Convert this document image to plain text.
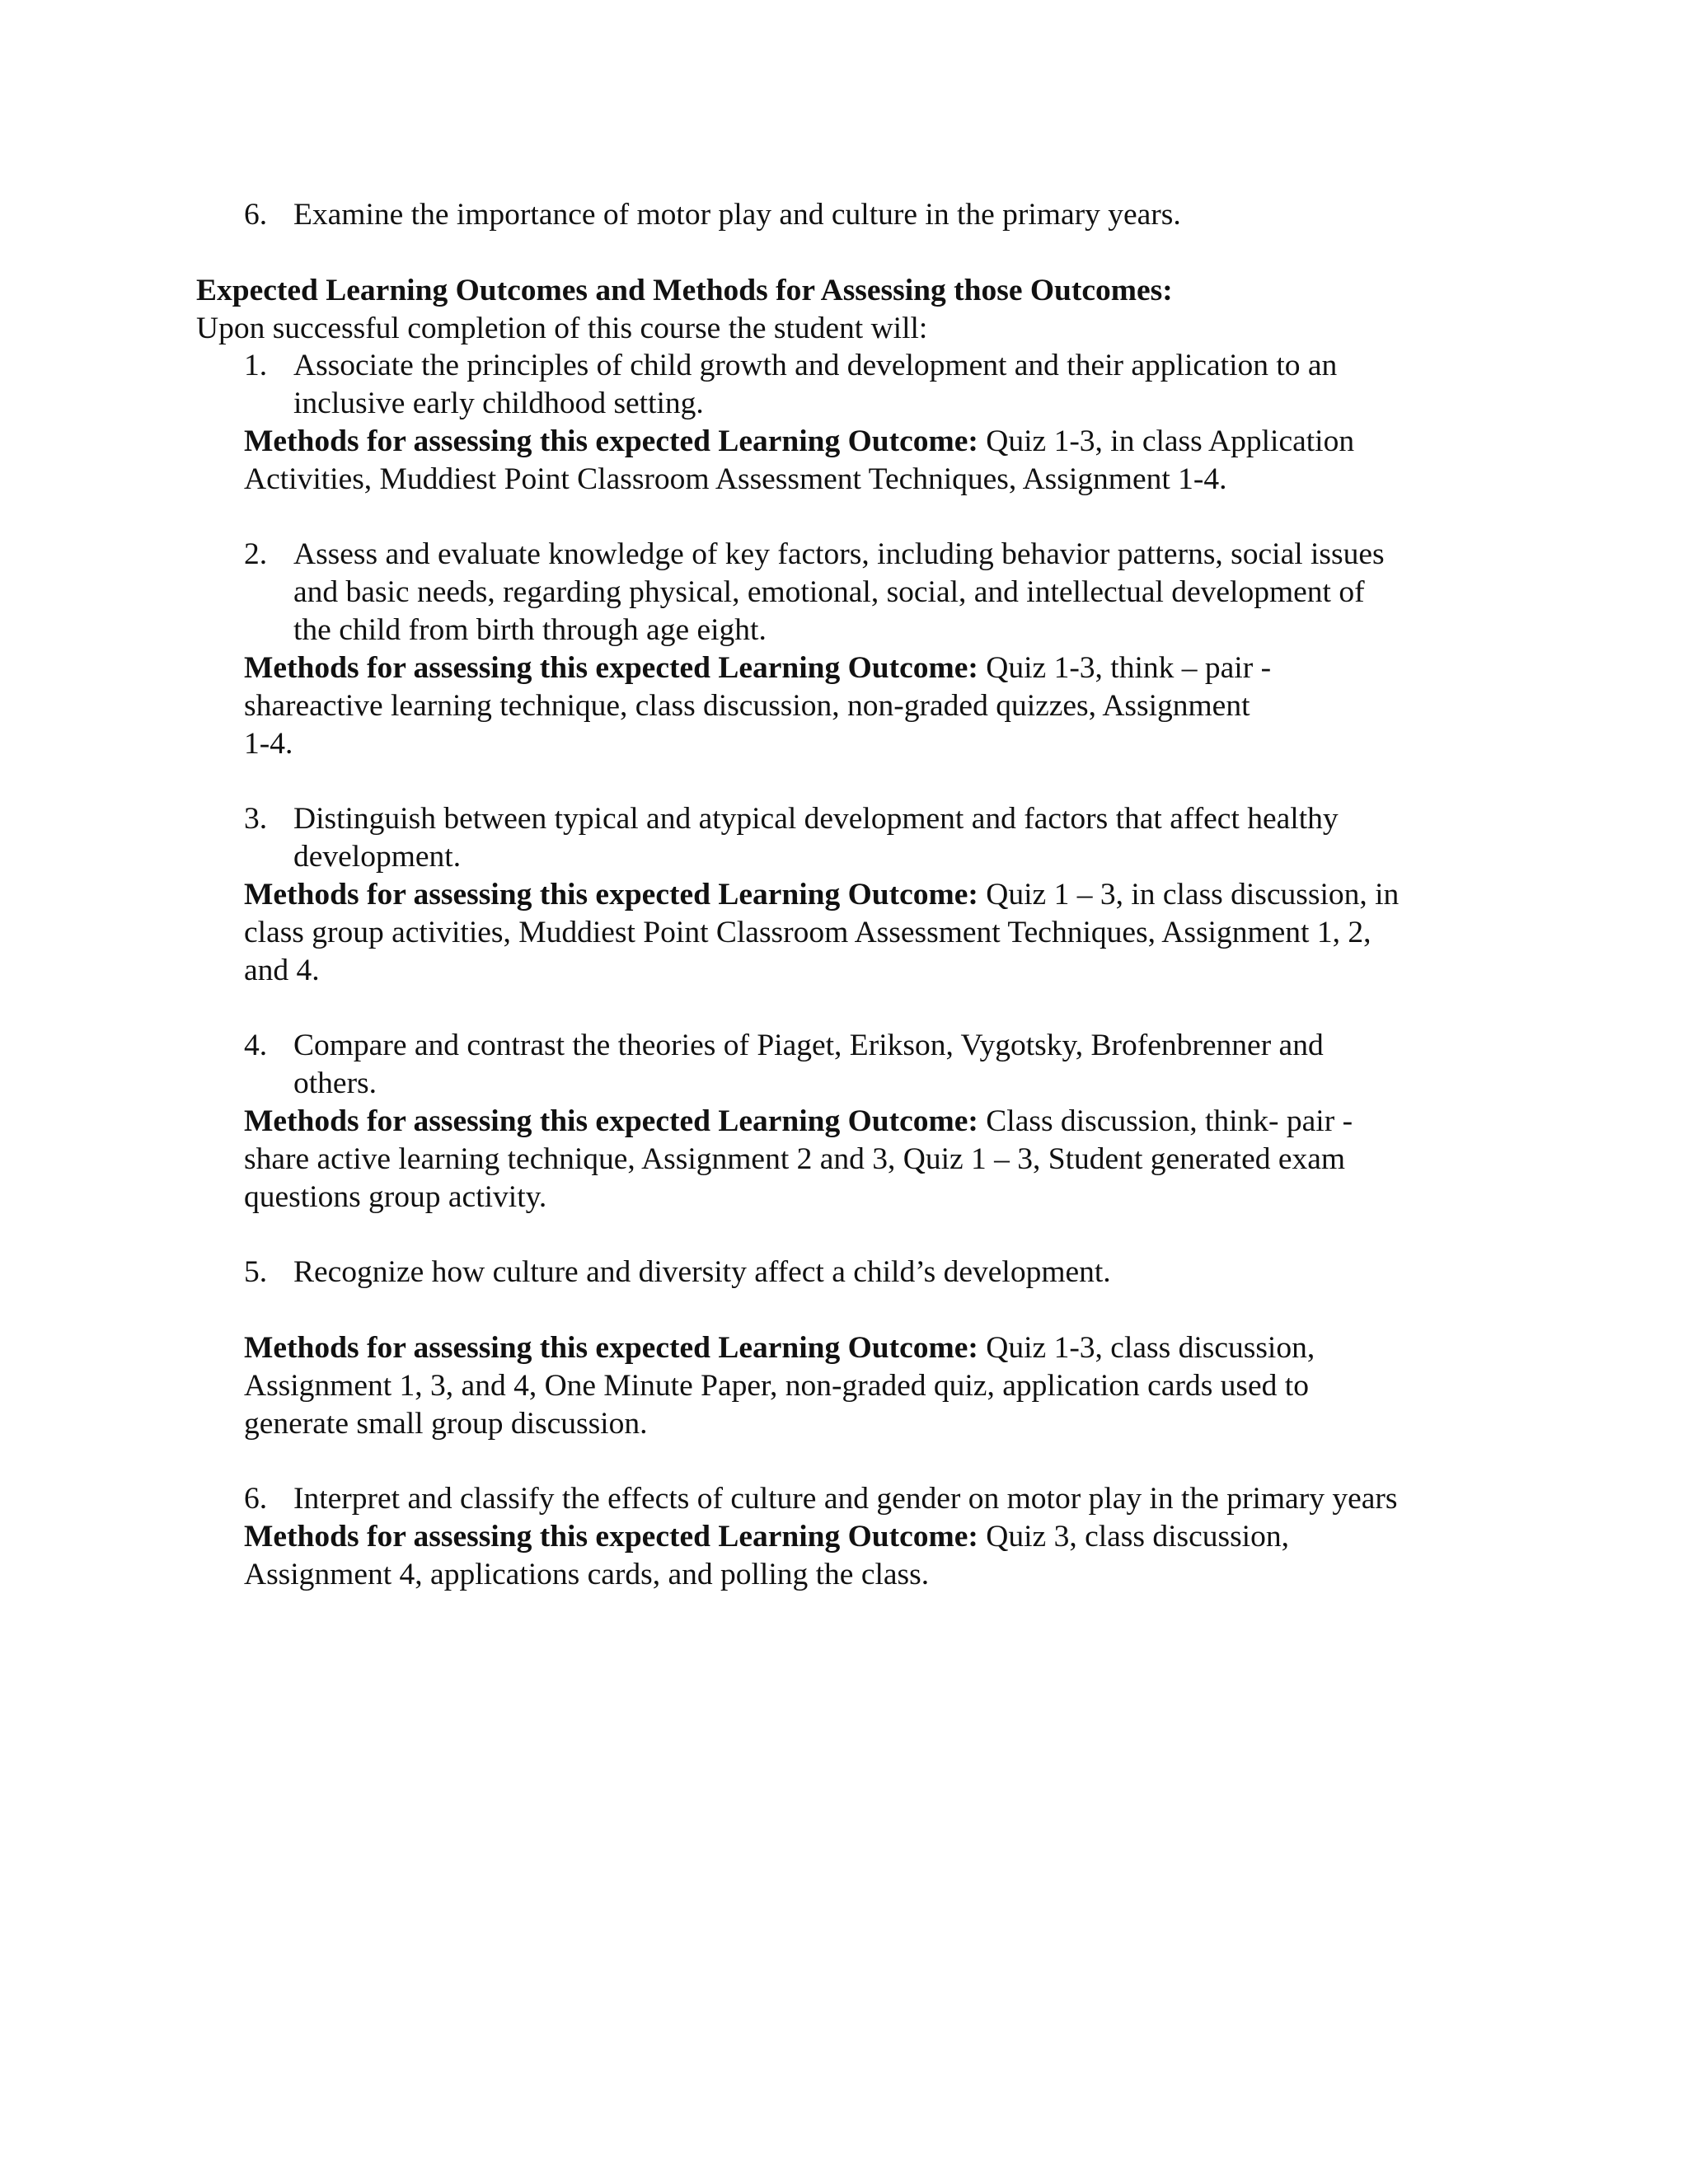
6. Examine the importance of motor play and culture in the primary years.
Expected Learning Outcomes and Methods for Assessing those Outcomes:
Upon successful completion of this course the student will:
1. Associate the principles of child growth and development and their application to an
inclusive early childhood setting.
Methods for assessing this expected Learning Outcome: Quiz 1-3, in class Application
Activities, Muddiest Point Classroom Assessment Techniques, Assignment 1-4.
2. Assess and evaluate knowledge of key factors, including behavior patterns, social issues
and basic needs, regarding physical, emotional, social, and intellectual development of
the child from birth through age eight.
Methods for assessing this expected Learning Outcome: Quiz 1-3, think – pair -
shareactive learning technique, class discussion, non-graded quizzes, Assignment
1-4.
3. Distinguish between typical and atypical development and factors that affect healthy
development.
Methods for assessing this expected Learning Outcome: Quiz 1 – 3, in class discussion, in
class group activities, Muddiest Point Classroom Assessment Techniques, Assignment 1, 2,
and 4.
4. Compare and contrast the theories of Piaget, Erikson, Vygotsky, Brofenbrenner and
others.
Methods for assessing this expected Learning Outcome: Class discussion, think- pair -
share active learning technique, Assignment 2 and 3, Quiz 1 – 3, Student generated exam
questions group activity.
5. Recognize how culture and diversity affect a child’s development.
Methods for assessing this expected Learning Outcome: Quiz 1-3, class discussion,
Assignment 1, 3, and 4, One Minute Paper, non-graded quiz, application cards used to
generate small group discussion.
6. Interpret and classify the effects of culture and gender on motor play in the primary years
Methods for assessing this expected Learning Outcome: Quiz 3, class discussion,
Assignment 4, applications cards, and polling the class.
